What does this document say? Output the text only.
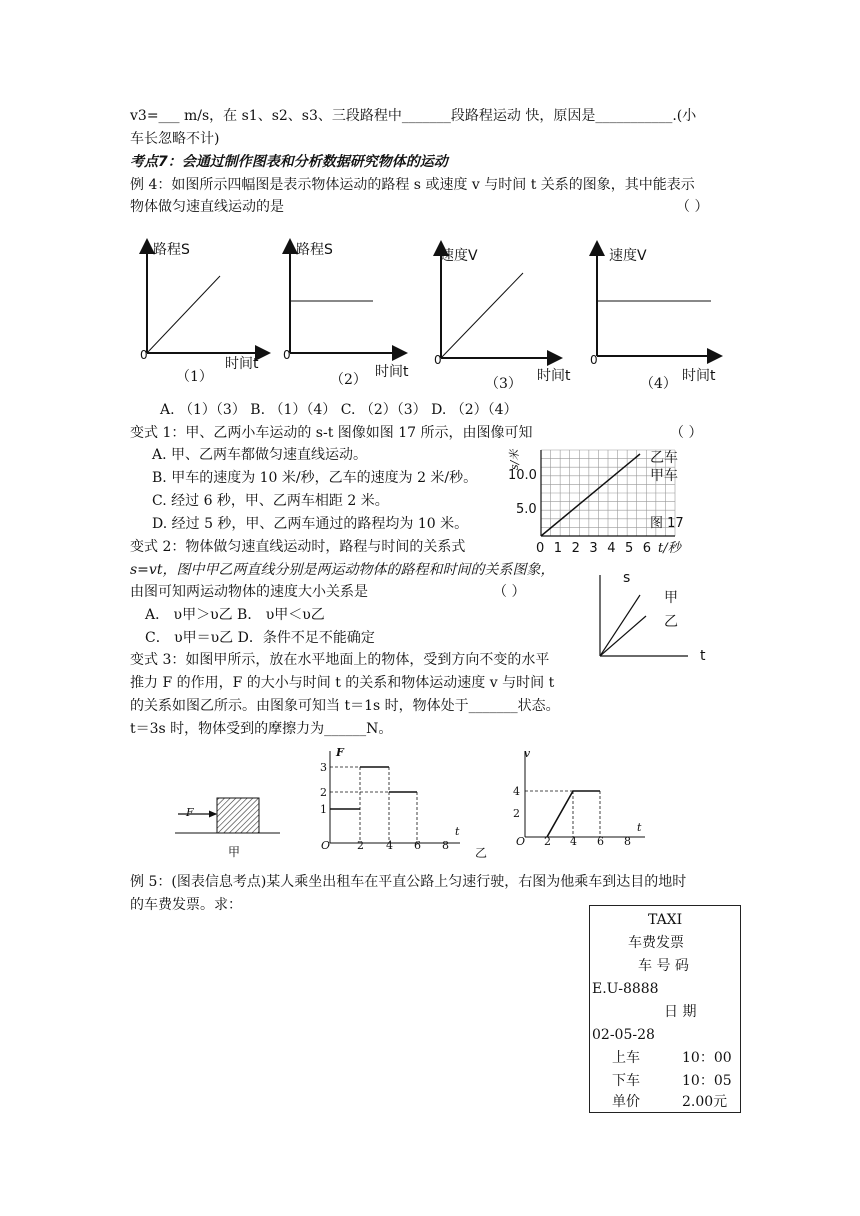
v3=___ m/s，在 s1、s2、s3、三段路程中_______段路程运动 快，原因是___________.(小
车长忽略不计)
考点7：会通过制作图表和分析数据研究物体的运动
例 4：如图所示四幅图是表示物体运动的路程 s 或速度 v 与时间 t 关系的图象，其中能表示
物体做匀速直线运动的是	（ ）
路程S
0
时间t
（1）
路程S
0
时间t
（2）
速度V
0
时间t
（3）
速度V
0
时间t
（4）
A. （1）（3） B. （1）（4） C. （2）（3） D. （2）（4）
变式 1：甲、乙两小车运动的 s-t 图像如图 17 所示，由图像可知	（ ）
A. 甲、乙两车都做匀速直线运动。
B. 甲车的速度为 10 米/秒，乙车的速度为 2 米/秒。
C. 经过 6 秒，甲、乙两车相距 2 米。
D. 经过 5 秒，甲、乙两车通过的路程均为 10 米。
s/米
10.0
5.0
乙车
甲车
图 17
0 1 2 3 4 5 6 t/秒
变式 2：物体做匀速直线运动时，路程与时间的关系式
s=vt，图中甲乙两直线分别是两运动物体的路程和时间的关系图象，
由图可知两运动物体的速度大小关系是	（ ）
A． υ甲＞υ乙 B． υ甲＜υ乙
C． υ甲＝υ乙 D．条件不足不能确定
s
甲
乙
t
变式 3：如图甲所示，放在水平地面上的物体，受到方向不变的水平
推力 F 的作用，F 的大小与时间 t 的关系和物体运动速度 v 与时间 t
的关系如图乙所示。由图象可知当 t＝1s 时，物体处于_______状态。
t＝3s 时，物体受到的摩擦力为______N。
F
甲
F
3
2
1
O 2 4 6 8
t
乙
v
4
2
O 2 4 6 8
t
例 5：(图表信息考点)某人乘坐出租车在平直公路上匀速行驶，右图为他乘车到达目的地时
的车费发票。求：
TAXI
车费发票
车 号 码
E.U-8888
日 期
02-05-28
上车	10：00
下车	10：05
单价	2.00元
